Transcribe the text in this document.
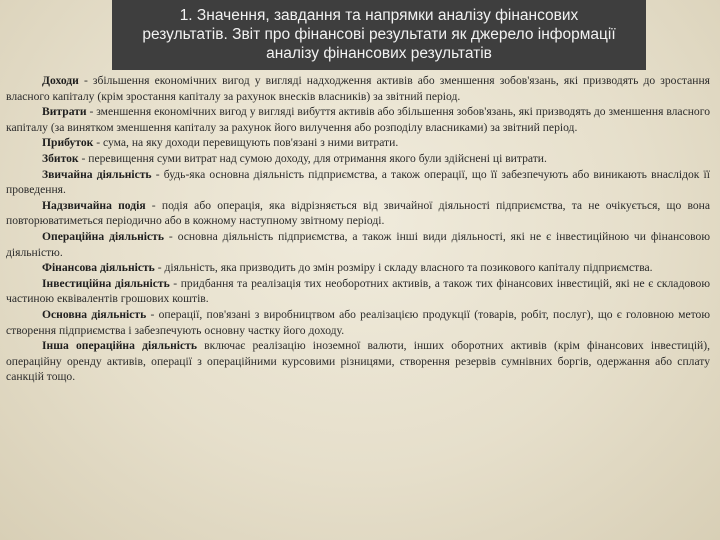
1. Значення, завдання та напрямки аналізу фінансових
результатів. Звіт про фінансові результати як джерело інформації
аналізу фінансових результатів

Доходи - збільшення економічних вигод у вигляді надходження активів або зменшення зобов'язань, які призводять до зростання власного капіталу (крім зростання капіталу за рахунок внесків власників) за звітний період.

Витрати - зменшення економічних вигод у вигляді вибуття активів або збільшення зобов'язань, які призводять до зменшення власного капіталу (за винятком зменшення капіталу за рахунок його вилучення або розподілу власниками) за звітний період.

Прибуток - сума, на яку доходи перевищують пов'язані з ними витрати.

Збиток - перевищення суми витрат над сумою доходу, для отримання якого були здійснені ці витрати.

Звичайна діяльність - будь-яка основна діяльність підприємства, а також операції, що її забезпечують або виникають внаслідок її проведення.

Надзвичайна подія - подія або операція, яка відрізняється від звичайної діяльності підприємства, та не очікується, що вона повторюватиметься періодично або в кожному наступному звітному періоді.

Операційна діяльність - основна діяльність підприємства, а також інші види діяльності, які не є інвестиційною чи фінансовою діяльністю.

Фінансова діяльність - діяльність, яка призводить до змін розміру і складу власного та позикового капіталу підприємства.

Інвестиційна діяльність - придбання та реалізація тих необоротних активів, а також тих фінансових інвестицій, які не є складовою частиною еквівалентів грошових коштів.

Основна діяльність - операції, пов'язані з виробництвом або реалізацією продукції (товарів, робіт, послуг), що є головною метою створення підприємства і забезпечують основну частку його доходу.

Інша операційна діяльність включає реалізацію іноземної валюти, інших оборотних активів (крім фінансових інвестицій), операційну оренду активів, операції з операційними курсовими різницями, створення резервів сумнівних боргів, одержання або сплату санкцій тощо.
